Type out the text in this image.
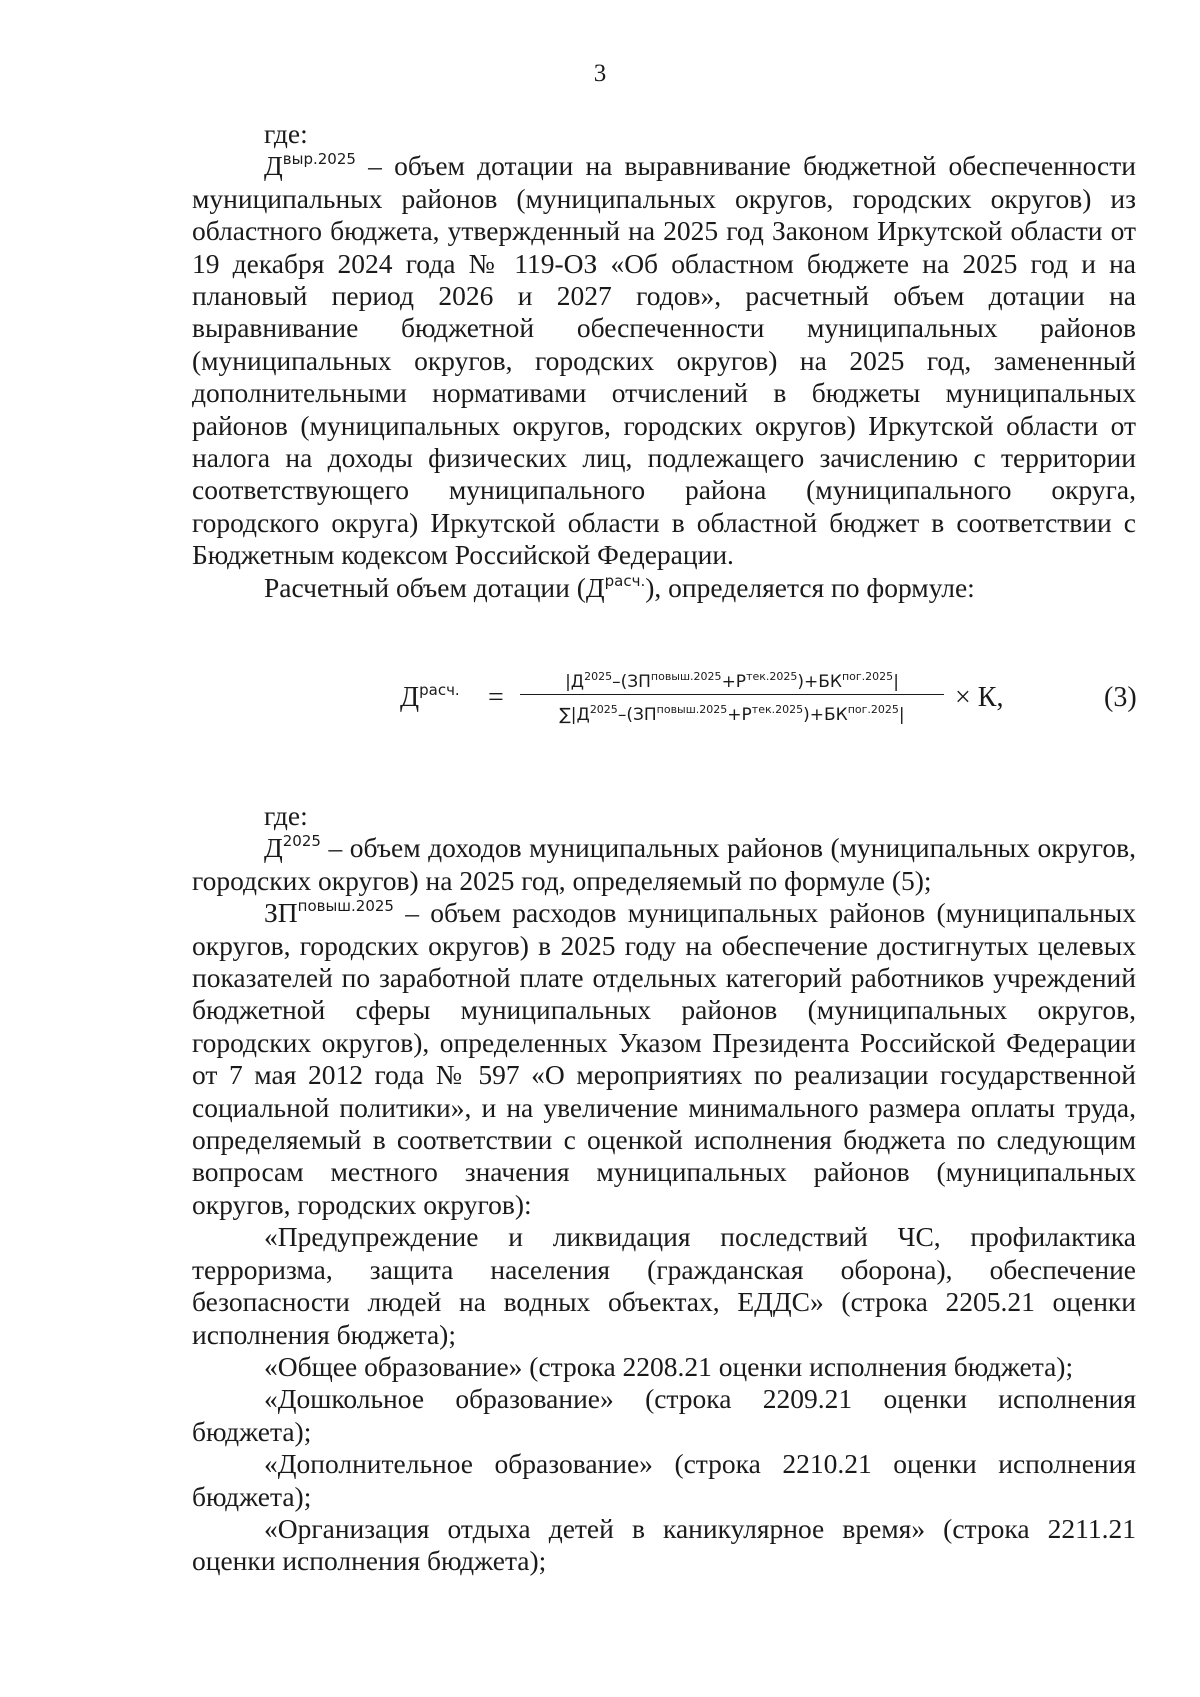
3

где:

$Д^{выр.2025}$ – объем дотации на выравнивание бюджетной обеспеченности муниципальных районов (муниципальных округов, городских округов) из областного бюджета, утвержденный на 2025 год Законом Иркутской области от 19 декабря 2024 года № 119-ОЗ «Об областном бюджете на 2025 год и на плановый период 2026 и 2027 годов», расчетный объем дотации на выравнивание бюджетной обеспеченности муниципальных районов (муниципальных округов, городских округов) на 2025 год, замененный дополнительными нормативами отчислений в бюджеты муниципальных районов (муниципальных округов, городских округов) Иркутской области от налога на доходы физических лиц, подлежащего зачислению с территории соответствующего муниципального района (муниципального округа, городского округа) Иркутской области в областной бюджет в соответствии с Бюджетным кодексом Российской Федерации.

Расчетный объем дотации $(Д^{расч.})$, определяется по формуле:

$Д^{расч.}$ =	$|Д^{2025}-(ЗП^{повыш.2025}+Р^{тек.2025})+БК^{пог.2025}|$
$\sum|Д^{2025}-(ЗП^{повыш.2025}+Р^{тек.2025})+БК^{пог.2025}|$
× К,	(3)

где:

$Д^{2025}$ – объем доходов муниципальных районов (муниципальных округов, городских округов) на 2025 год, определяемый по формуле (5);

$ЗП^{повыш.2025}$ – объем расходов муниципальных районов (муниципальных округов, городских округов) в 2025 году на обеспечение достигнутых целевых показателей по заработной плате отдельных категорий работников учреждений бюджетной сферы муниципальных районов (муниципальных округов, городских округов), определенных Указом Президента Российской Федерации от 7 мая 2012 года № 597 «О мероприятиях по реализации государственной социальной политики», и на увеличение минимального размера оплаты труда, определяемый в соответствии с оценкой исполнения бюджета по следующим вопросам местного значения муниципальных районов (муниципальных округов, городских округов):

«Предупреждение и ликвидация последствий ЧС, профилактика терроризма, защита населения (гражданская оборона), обеспечение безопасности людей на водных объектах, ЕДДС» (строка 2205.21 оценки исполнения бюджета);

«Общее образование» (строка 2208.21 оценки исполнения бюджета);

«Дошкольное образование» (строка 2209.21 оценки исполнения бюджета);

«Дополнительное образование» (строка 2210.21 оценки исполнения бюджета);

«Организация отдыха детей в каникулярное время» (строка 2211.21 оценки исполнения бюджета);
